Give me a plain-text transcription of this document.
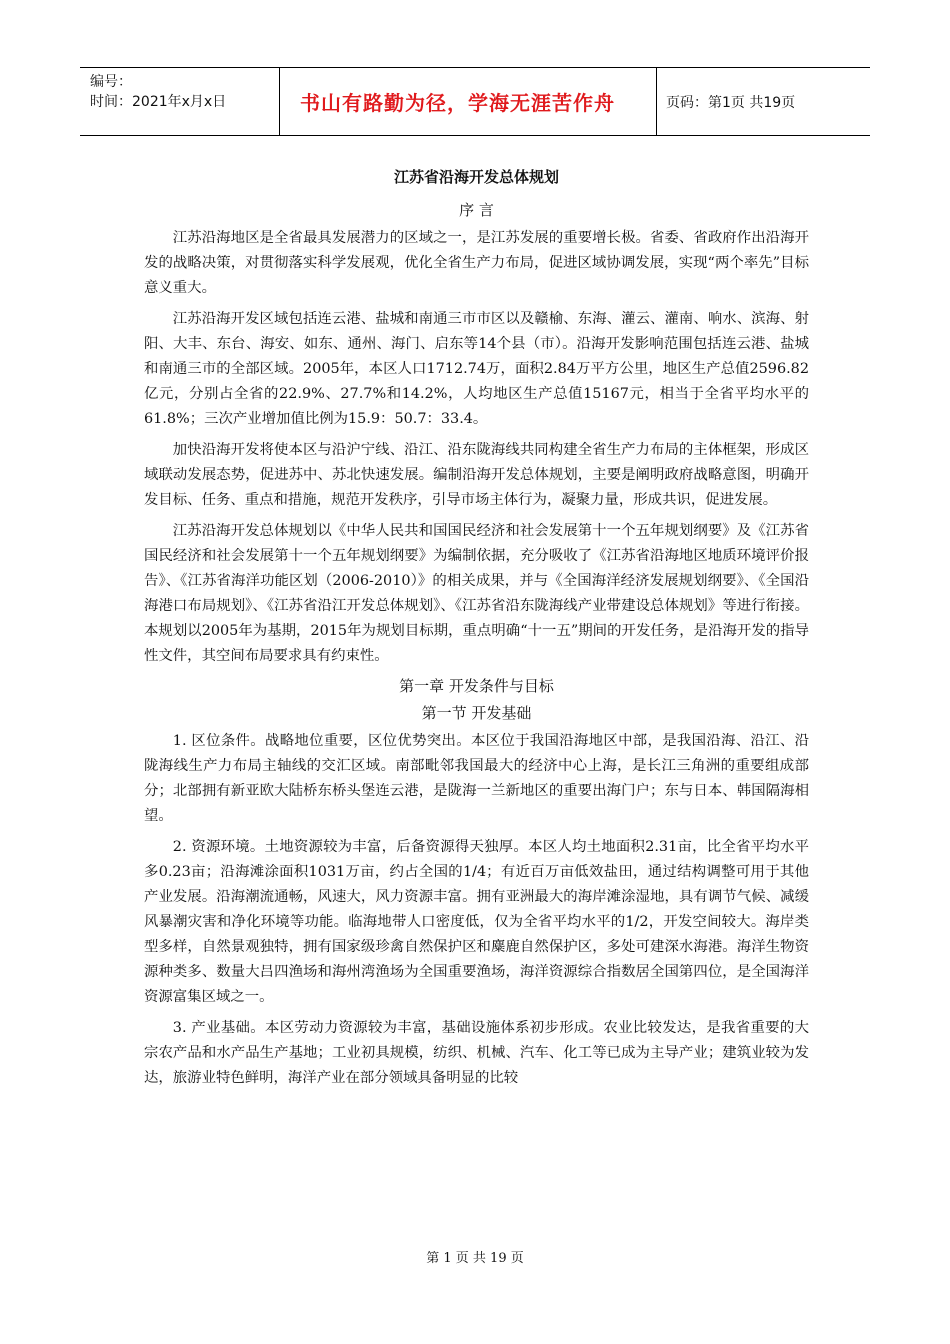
编号：
时间：2021年x月x日	书山有路勤为径，学海无涯苦作舟	页码：第1页 共19页
江苏省沿海开发总体规划
序 言

江苏沿海地区是全省最具发展潜力的区域之一，是江苏发展的重要增长极。省委、省政府作出沿海开发的战略决策，对贯彻落实科学发展观，优化全省生产力布局，促进区域协调发展，实现“两个率先”目标意义重大。

江苏沿海开发区域包括连云港、盐城和南通三市市区以及赣榆、东海、灌云、灌南、响水、滨海、射阳、大丰、东台、海安、如东、通州、海门、启东等14个县（市）。沿海开发影响范围包括连云港、盐城和南通三市的全部区域。2005年，本区人口1712.74万，面积2.84万平方公里，地区生产总值2596.82亿元，分别占全省的22.9%、27.7%和14.2%，人均地区生产总值15167元，相当于全省平均水平的61.8%；三次产业增加值比例为15.9：50.7：33.4。

加快沿海开发将使本区与沿沪宁线、沿江、沿东陇海线共同构建全省生产力布局的主体框架，形成区域联动发展态势，促进苏中、苏北快速发展。编制沿海开发总体规划，主要是阐明政府战略意图，明确开发目标、任务、重点和措施，规范开发秩序，引导市场主体行为，凝聚力量，形成共识，促进发展。

江苏沿海开发总体规划以《中华人民共和国国民经济和社会发展第十一个五年规划纲要》及《江苏省国民经济和社会发展第十一个五年规划纲要》为编制依据，充分吸收了《江苏省沿海地区地质环境评价报告》、《江苏省海洋功能区划（2006-2010）》的相关成果，并与《全国海洋经济发展规划纲要》、《全国沿海港口布局规划》、《江苏省沿江开发总体规划》、《江苏省沿东陇海线产业带建设总体规划》等进行衔接。本规划以2005年为基期，2015年为规划目标期，重点明确“十一五”期间的开发任务，是沿海开发的指导性文件，其空间布局要求具有约束性。

第一章 开发条件与目标
第一节 开发基础

1. 区位条件。战略地位重要，区位优势突出。本区位于我国沿海地区中部，是我国沿海、沿江、沿陇海线生产力布局主轴线的交汇区域。南部毗邻我国最大的经济中心上海，是长江三角洲的重要组成部分；北部拥有新亚欧大陆桥东桥头堡连云港，是陇海一兰新地区的重要出海门户；东与日本、韩国隔海相望。

2. 资源环境。土地资源较为丰富，后备资源得天独厚。本区人均土地面积2.31亩，比全省平均水平多0.23亩；沿海滩涂面积1031万亩，约占全国的1/4；有近百万亩低效盐田，通过结构调整可用于其他产业发展。沿海潮流通畅，风速大，风力资源丰富。拥有亚洲最大的海岸滩涂湿地，具有调节气候、减缓风暴潮灾害和净化环境等功能。临海地带人口密度低，仅为全省平均水平的1/2，开发空间较大。海岸类型多样，自然景观独特，拥有国家级珍禽自然保护区和麋鹿自然保护区，多处可建深水海港。海洋生物资源种类多、数量大吕四渔场和海州湾渔场为全国重要渔场，海洋资源综合指数居全国第四位，是全国海洋资源富集区域之一。

3. 产业基础。本区劳动力资源较为丰富，基础设施体系初步形成。农业比较发达，是我省重要的大宗农产品和水产品生产基地；工业初具规模，纺织、机械、汽车、化工等已成为主导产业；建筑业较为发达，旅游业特色鲜明，海洋产业在部分领域具备明显的比较

第 1 页 共 19 页
